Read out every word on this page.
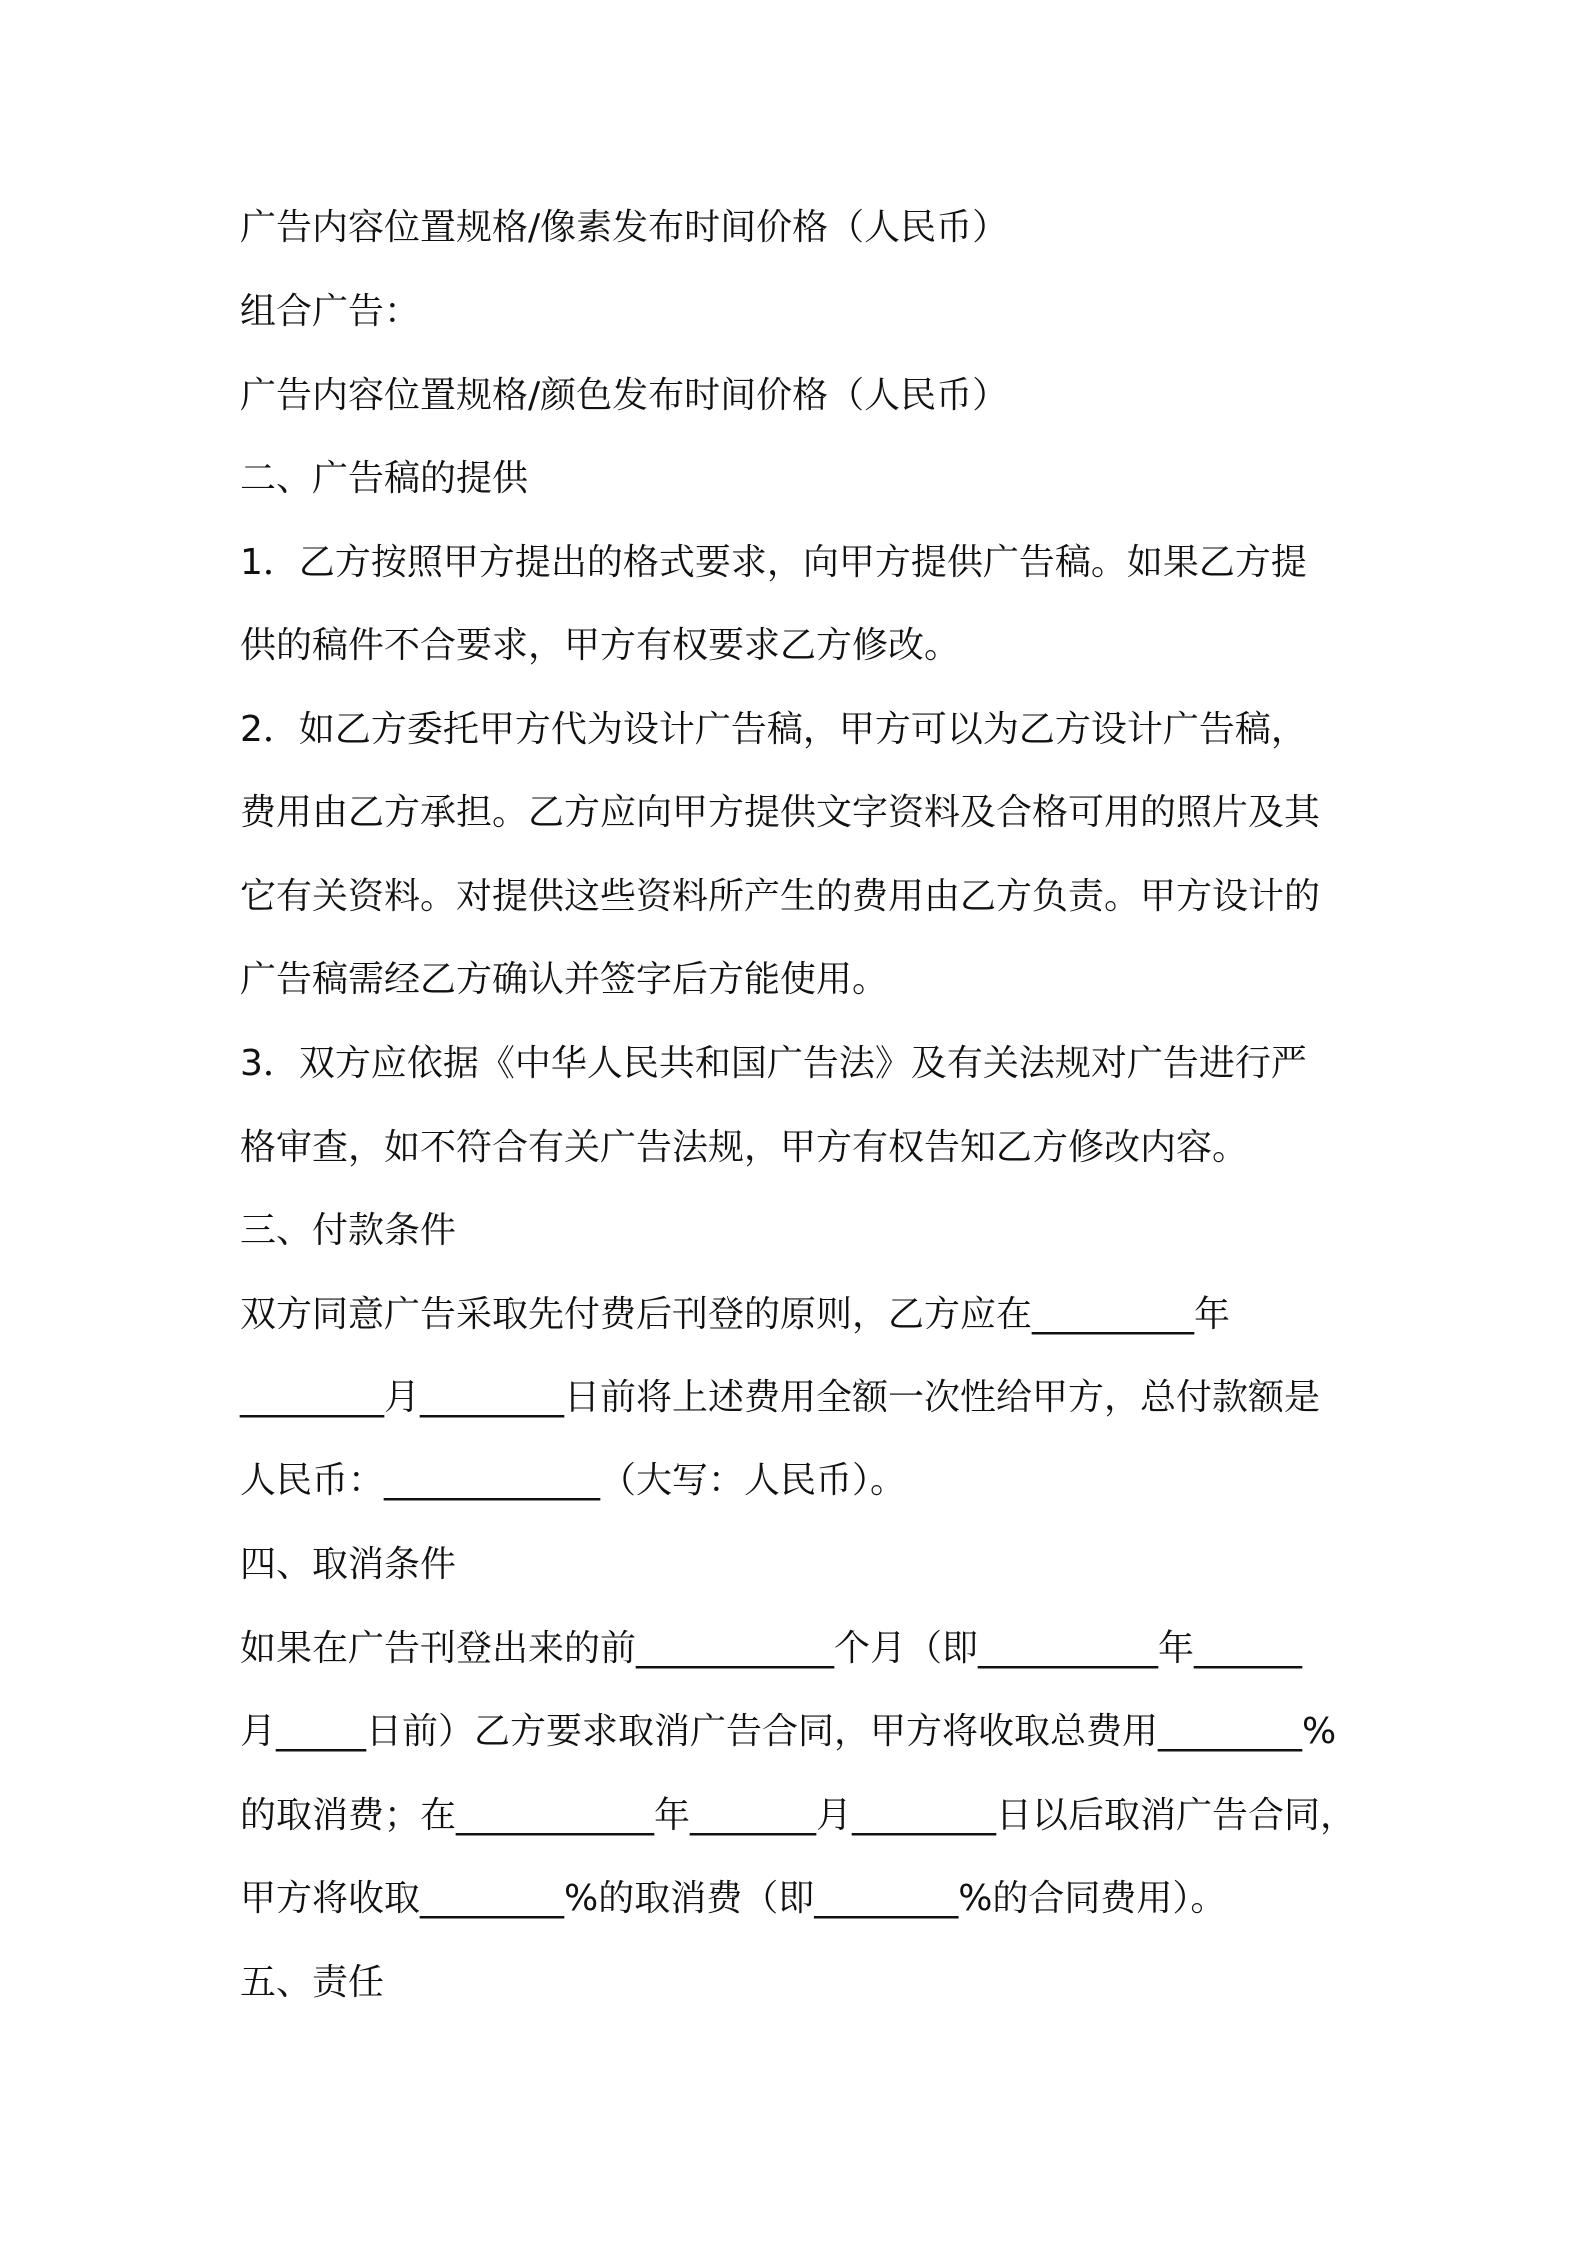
广告内容位置规格/像素发布时间价格（人民币）
组合广告：
广告内容位置规格/颜色发布时间价格（人民币）
二、广告稿的提供
1．乙方按照甲方提出的格式要求，向甲方提供广告稿。如果乙方提
供的稿件不合要求，甲方有权要求乙方修改。
2．如乙方委托甲方代为设计广告稿，甲方可以为乙方设计广告稿，
费用由乙方承担。乙方应向甲方提供文字资料及合格可用的照片及其
它有关资料。对提供这些资料所产生的费用由乙方负责。甲方设计的
广告稿需经乙方确认并签字后方能使用。
3．双方应依据《中华人民共和国广告法》及有关法规对广告进行严
格审查，如不符合有关广告法规，甲方有权告知乙方修改内容。
三、付款条件
双方同意广告采取先付费后刊登的原则，乙方应在_________年
________月________日前将上述费用全额一次性给甲方，总付款额是
人民币：____________（大写：人民币）。
四、取消条件
如果在广告刊登出来的前___________个月（即__________年______
月_____日前）乙方要求取消广告合同，甲方将收取总费用________%
的取消费；在___________年_______月________日以后取消广告合同，
甲方将收取________%的取消费（即________%的合同费用）。
五、责任
